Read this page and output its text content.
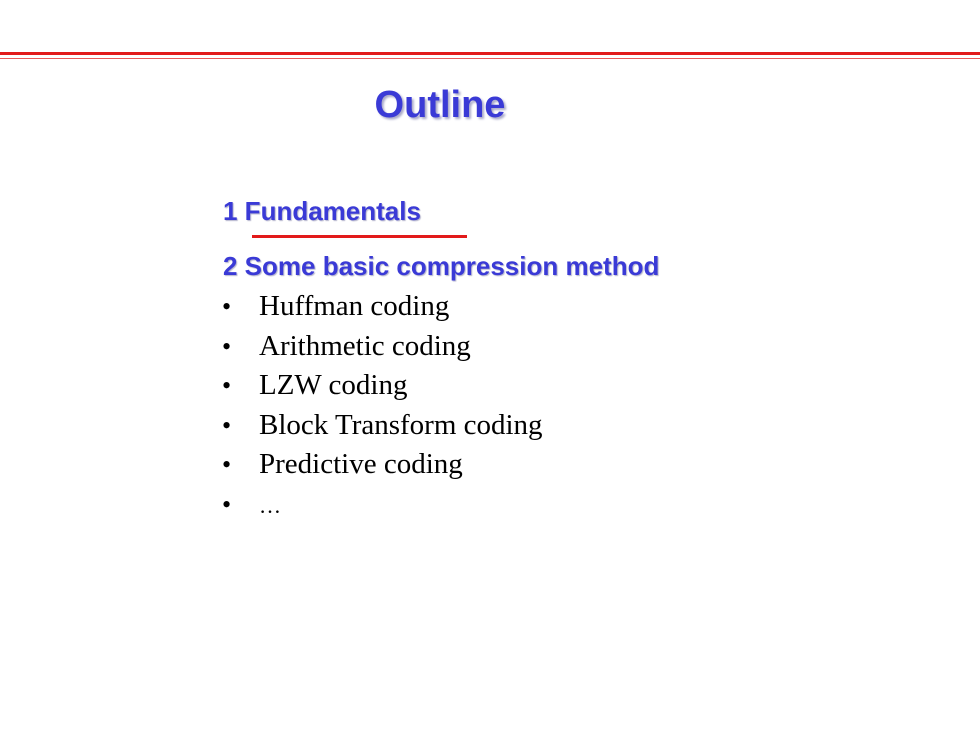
Outline
1 Fundamentals
2 Some basic compression method
• Huffman coding
• Arithmetic coding
• LZW coding
• Block Transform coding
• Predictive coding
•	…
